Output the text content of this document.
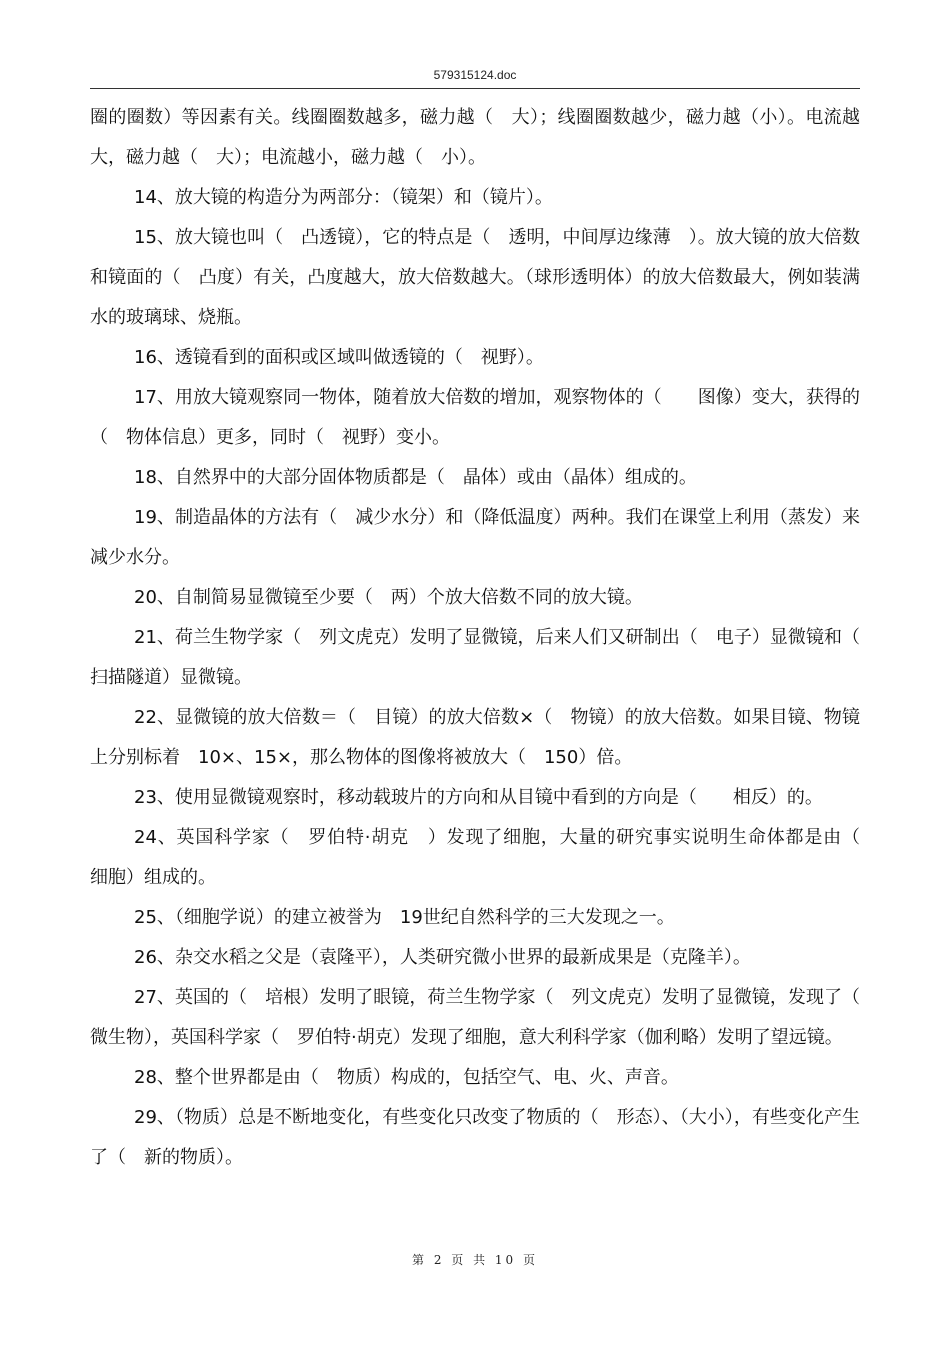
579315124.doc

圈的圈数）等因素有关。线圈圈数越多，磁力越（　大）；线圈圈数越少，磁力越（小）。电流越大，磁力越（　大）；电流越小，磁力越（　小）。

14、放大镜的构造分为两部分：（镜架）和（镜片）。

15、放大镜也叫（　凸透镜），它的特点是（　透明，中间厚边缘薄　）。放大镜的放大倍数和镜面的（　凸度）有关，凸度越大，放大倍数越大。（球形透明体）的放大倍数最大，例如装满水的玻璃球、烧瓶。

16、透镜看到的面积或区域叫做透镜的（　视野）。

17、用放大镜观察同一物体，随着放大倍数的增加，观察物体的（　　图像）变大，获得的（　物体信息）更多，同时（　视野）变小。

18、自然界中的大部分固体物质都是（　晶体）或由（晶体）组成的。

19、制造晶体的方法有（　减少水分）和（降低温度）两种。我们在课堂上利用（蒸发）来减少水分。

20、自制简易显微镜至少要（　两）个放大倍数不同的放大镜。

21、荷兰生物学家（　列文虎克）发明了显微镜，后来人们又研制出（　电子）显微镜和（　扫描隧道）显微镜。

22、显微镜的放大倍数＝（　目镜）的放大倍数×（　物镜）的放大倍数。如果目镜、物镜上分别标着　10×、15×，那么物体的图像将被放大（　150）倍。

23、使用显微镜观察时，移动载玻片的方向和从目镜中看到的方向是（　　相反）的。

24、英国科学家（　罗伯特·胡克　）发现了细胞，大量的研究事实说明生命体都是由（　细胞）组成的。

25、（细胞学说）的建立被誉为　19世纪自然科学的三大发现之一。

26、杂交水稻之父是（袁隆平），人类研究微小世界的最新成果是（克隆羊）。

27、英国的（　培根）发明了眼镜，荷兰生物学家（　列文虎克）发明了显微镜，发现了（　微生物），英国科学家（　罗伯特·胡克）发现了细胞，意大利科学家（伽利略）发明了望远镜。

28、整个世界都是由（　物质）构成的，包括空气、电、火、声音。

29、（物质）总是不断地变化，有些变化只改变了物质的（　形态）、（大小），有些变化产生了（　新的物质）。

第 2 页 共 10 页
